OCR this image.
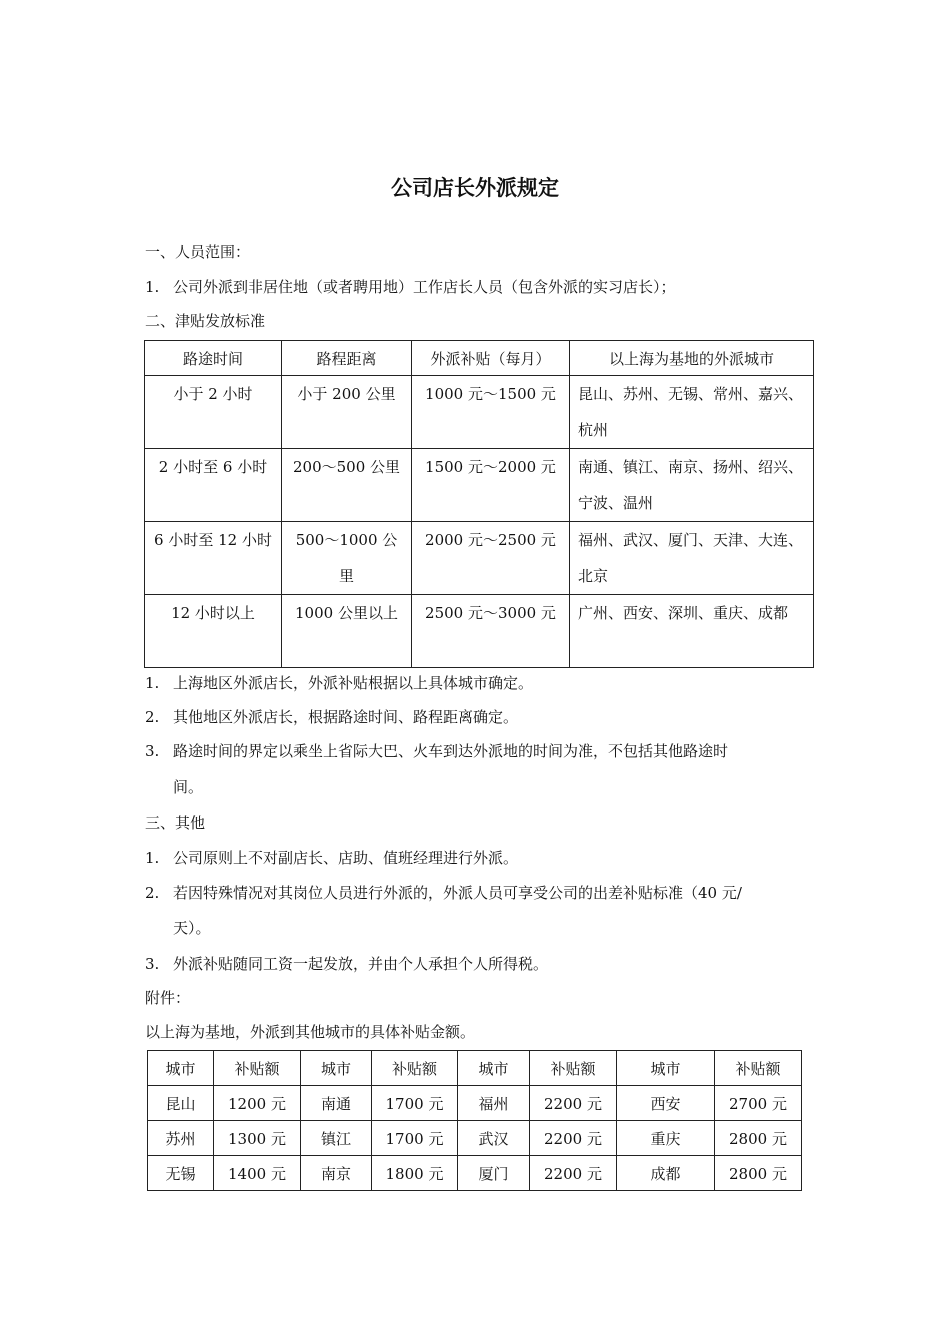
公司店长外派规定
一、人员范围：
1. 公司外派到非居住地（或者聘用地）工作店长人员（包含外派的实习店长）；
二、津贴发放标准
路途时间	路程距离	外派补贴（每月）	以上海为基地的外派城市
小于 2 小时	小于 200 公里	1000 元～1500 元	昆山、苏州、无锡、常州、嘉兴、杭州
2 小时至 6 小时	200～500 公里	1500 元～2000 元	南通、镇江、南京、扬州、绍兴、宁波、温州
6 小时至 12 小时	500～1000 公里	2000 元～2500 元	福州、武汉、厦门、天津、大连、北京
12 小时以上	1000 公里以上	2500 元～3000 元	广州、西安、深圳、重庆、成都
1. 上海地区外派店长，外派补贴根据以上具体城市确定。
2. 其他地区外派店长，根据路途时间、路程距离确定。
3. 路途时间的界定以乘坐上省际大巴、火车到达外派地的时间为准，不包括其他路途时
间。
三、其他
1. 公司原则上不对副店长、店助、值班经理进行外派。
2. 若因特殊情况对其岗位人员进行外派的，外派人员可享受公司的出差补贴标准（40 元/
天）。
3. 外派补贴随同工资一起发放，并由个人承担个人所得税。
附件：
以上海为基地，外派到其他城市的具体补贴金额。
城市	补贴额	城市	补贴额	城市	补贴额	城市	补贴额
昆山	1200 元	南通	1700 元	福州	2200 元	西安	2700 元
苏州	1300 元	镇江	1700 元	武汉	2200 元	重庆	2800 元
无锡	1400 元	南京	1800 元	厦门	2200 元	成都	2800 元
